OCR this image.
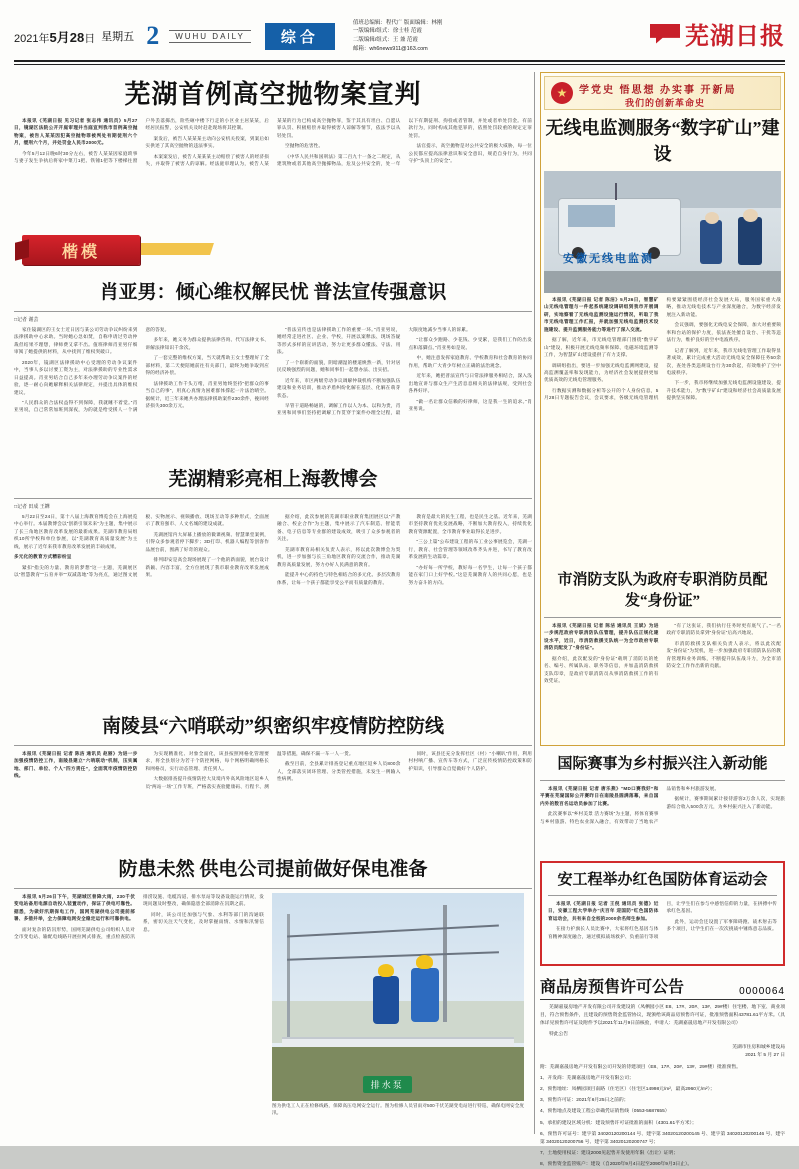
2021年5月28日 星期五 2	WUHU DAILY	综合
值班总编辑：程代广 版面编辑：林刚
一版编辑/组式：徐士桂 范霞
二版编辑/组式：王 兼 范霞
邮箱：wh6news911@163.com	芜湖日报
芜湖首例高空抛物案宣判

本报讯《芜湖日报 见习记者 张志伟 通讯员》5月27日，镜湖区法院公开开庭审理并当庭宣判我市首例高空抛物案，被告人某某因犯高空抛物罪被判处有期徒刑六个月，缓刑六个月，并处罚金人民币2000元。

今年5月12日晚6时30分左右，被告人某某因家庭琐事与妻子发生争执后将家中菜刀1把、铁锤1把等下楼梯往窗户外丢落掷出，险些砸中楼下行走的小区业主居某某，后经居民报警，公安机关及时赶赴现场将其控制。

案发后，被告人某某某主动向公安机关投案，到案后如实供述了其高空抛物的违法事实。

本案案发后，被告人某某某主动赔偿了被害人的经济损失，并取得了被害人的谅解。经法庭审理认为，被告人某某某的行为已构成高空抛物罪，鉴于其具有坦白、自愿认罪认罚、积极赔偿并取得被害人谅解等情节，依法予以从轻处罚。

空抛物的危害性。

《中华人民共和国刑法》第二百九十一条之二规定，从建筑物或者其他高空抛掷物品，危及公共安全的，处一年以下有期徒刑、拘役或者管制，并处或者单处罚金。有前款行为，同时构成其他犯罪的，依照处罚较重的规定定罪处罚。

法官提示，高空抛物是对公共安全的极大威胁，每一位公民都应提高法律意识和安全意识，规范自身行为，共同守护“头顶上的安全”。

楷模
肖亚男：倾心维权解民忧 普法宣传强意识
□记者 谢芸

家住镜湖区的王女士近日因与某公司劳动争议纠纷来到法律援助中心求助。当时她心急如焚，自称申请过劳动仲裁但结果不理想，律师费又拿不出。值班律师肖亚男仔细审阅了她提供的材料，从中找到了维权突破口。

2020年，镜湖区法律援助中心受理的劳动争议案件中，当事人多以讨要工资为主，对法律援助的专业性需求日益提高。肖亚男结合自己多年来办理劳动争议案件的经验，逐一耐心向她解释相关法律规定，并提出具体的维权建议。

“人民群众的合法权益得不到保障，我就睡不着觉。”肖亚男说，自己常常加班到深夜，为的就是给受援人一个满意的答复。

多年来，她义务为群众提供法律咨询、代写法律文书、讲解法律知识千余次。

了一套完整的维权方案，当天就帮助王女士整理好了全部材料，第二天便陪她前往有关部门，最终为她争取到应得的经济补偿。

法律援助工作千头万绪，肖亚男始终坚持“把群众的事当自己的事”，用真心真情为困难群体撑起一片法治晴空。据统计，近三年来她共办理法律援助案件230余件，挽回经济损失300余万元。

“普法宣传也是法律援助工作的重要一环。”肖亚男说，她经常走进社区、企业、学校，开展以案释法、现场答疑等形式多样的宣讲活动，努力让更多群众懂法、守法、用法。

了一个崭新的面貌，阴暗潮湿的楼道焕然一新，针对居民反映强烈的问题，她和同事们一起想办法、出实招。

近年来，市区两级劳动争议调解仲裁机构不断加强队伍建设和业务培训，推动矛盾纠纷化解在基层、化解在萌芽状态。

早管干道路畅通的，调解工作以人为本、以和为贵，肖亚男和同事们坚持把调解工作贯穿于案件办理全过程，最大限度地减少当事人的诉累。

“让群众少跑路、少花钱、少受累，是我们工作的出发点和落脚点。”肖亚男如是说。

中，她注意发挥家庭教育、学校教育和社会教育的协同作用，帮助广大青少年树立正确的法治观念。

近年来，她把普法宣传与日常法律服务相结合，深入浅出地宣讲与群众生产生活息息相关的法律法规，受到社会各界好评。

“做一名让群众信赖的好律师，这是我一生的追求。”肖亚男说。

芜湖精彩亮相上海教博会
□记者 田成 王韡

5月22日至24日，第十八届上海教育博览会在上海展览中心举行。本届教博会以“创新引领未来”为主题，集中展示了长三角地区教育改革发展的最新成果。芜湖市教育局组织10所学校和单位参展，以“芜湖教育高质量发展”为主线，展示了近年来我市教育改革发展的丰硕成果。

多元化的教育方式精彩纷呈

紧扣“指尖的力量、教育的梦想”这一主题，芜湖展区以“智慧教育”“五育并举”“双减落地”等为亮点，通过图文展板、实物展示、视频播放、现场互动等多种形式，全面展示了教育强市、人文名城的建设成就。

芜湖展馆内大屏幕上播放的微课视频、智慧课堂案例，引得众多参观者停下脚步；3D打印、机器人编程等创客作品展台前，围满了好奇的观众。

排列即安是高会现场展现了一个他的新面貌，展台设计新颖、内容丰富，全方位展现了我市职业教育改革发展成果。

据介绍，此次参展的芜湖市职业教育集团展区以“产教融合、校企合作”为主题，集中展示了汽车制造、智能装备、电子信息等专业群的建设成效，吸引了众多参观者的关注。

芜湖市教育局相关负责人表示，将以此次教博会为契机，进一步加强与长三角地区教育的交流合作，推动芜湖教育高质量发展，努力办好人民满意的教育。

能提升中心的持色与特色相结合的多元化、多层次教育体系，让每一个孩子都能享受公平而有质量的教育。

教育是最大的民生工程，也是民生之基。近年来，芜湖市坚持教育优先发展战略，不断加大教育投入，持续优化教育资源配置，全市教育事业取得长足进步。

“三公上篇”公布建设工程的布工业公事展览会，芜湖一行，教育、社会管理等领域改革齐头并进，书写了教育改革发展的生动篇章。

“办好每一所学校，教好每一名学生，让每一个孩子都能在家门口上好学校。”这是芜湖教育人的共同心愿，也是努力奋斗的方向。

南陵县“六哨联动”织密织牢疫情防控防线

本报讯《芜湖日报 记者 陈洁 通讯员 赵丽》为进一步加强疫情防控工作，南陵县建立“六哨联动”机制，压实属地、部门、单位、个人“四方责任”，全面筑牢疫情防控防线。

为实现精准化、对象全面化，该县按照网格化管理要求，将全县划分为若干个防控网格，每个网格明确网格长和网格员，实行动态管理、责任到人。

大数据排查提升疫情防控大及境内外高风险地区返乡人员“两站一场”工作专班，严格落实查验健康码、行程卡、测温等措施，确保不漏一车一人一货。

截至目前，全县累计排查登记重点地区返乡人员800余人，全部落实闭环管理、分类管控措施，未发生一例输入性病例。

同时，该县还充分发挥社区（村）“小喇叭”作用，利用村村响广播、宣传车等方式，广泛宣传疫情防控政策和防护知识，引导群众自觉做好个人防护。

防患未然 供电公司提前做好保电准备

本报讯 5月26日下午，芜湖城区普降大雨，230千伏变电站备用电源自动投入装置动作，保证了供电可靠性。据悉，为做好汛期保电工作，国网芜湖供电公司提前部署、多措并举，全力保障电网安全稳定运行和可靠供电。

面对复杂的防汛形势，国网芜湖供电公司组织人员对全市变电站、输配电线路开展拉网式排查，重点检查防汛排涝设施、电缆沟道、排水泵站等设备设施运行情况，发现问题及时整改，确保隐患全部消除在汛期之前。

同时，该公司还加强与气象、水利等部门的沟通联系，密切关注天气变化，及时掌握雨情、水情和汛情信息。

排水泵
图为供电工人正在检修线路，保障高压电网安全运行。图为检修人员冒雨对500千伏芜湖变电站进行特巡，确保电网安全度汛。
★	学党史 悟思想 办实事 开新局
我们的创新革命史
无线电监测服务“数字矿山”建设
安徽无线电监测

本报讯《芜湖日报 记者 陈洁》5月26日，智慧矿山无线电管理与一件起系统建设调研组到我市开展调研，实地察看了无线电监测设施运行情况，听取了我市无线电管理工作汇报，并就加强无线电监测技术设施建设、提升监测服务能力等进行了深入交流。

据了解，近年来，市无线电管理部门围绕“数字矿山”建设，积极开展无线电频率保障、电磁环境监测等工作，为智慧矿山建设提供了有力支撑。

调研组指出，要进一步加强无线电监测网建设，提高监测覆盖率和发现能力，为经济社会发展提供更加优质高效的无线电管理服务。

行数据实测和数据分析等公开的个人身份信息，5月28日专题报告会议，会议要求，各级无线电管理机构要紧紧围绕经济社会发展大局，服务国家重大战略，推动无线电技术与产业深度融合，为数字经济发展注入新动能。

会议强调，要强化无线电安全保障，加大对重要频率和台站的保护力度，依法查处擅自设台、干扰等违法行为，维护良好的空中电波秩序。

记者了解到，近年来，我市无线电管理工作取得显著成效，累计完成重大活动无线电安全保障任务50余次，查处各类违规设台行为30余起，有效维护了空中电波秩序。

下一步，我市将继续加强无线电监测设施建设，提升技术能力，为“数字矿山”建设和经济社会高质量发展提供坚实保障。

市消防支队为政府专职消防员配发“身份证”

本报讯《芜湖日报 记者 陈洁 通讯员 王斌》为进一步规范政府专职消防队伍管理，提升队伍正规化建设水平，近日，市消防救援支队统一为全市政府专职消防员配发了“身份证”。

据介绍，此次配发的“身份证”载明了消防员的姓名、编号、所属队站、职务等信息，并加盖消防救援支队印章，是政府专职消防员从事消防救援工作的有效凭证。

“有了这张证，我们执行任务时更有底气了。”一名政府专职消防员拿到“身份证”后高兴地说。

市消防救援支队相关负责人表示，将以此次配发“身份证”为契机，进一步加强政府专职消防队伍的教育管理和业务训练，不断提升队伍战斗力，为全市消防安全工作作出新的贡献。

国际赛事为乡村振兴注入新动能

本报讯《芜湖日报 记者 唐乐燕》“MD口赛我好”和平赛在芜湖国际公开赛昨日在南陵县圆满落幕，来自国内外的数百名运动员参加了比赛。

此次赛事以“乡村美景 活力赛场”为主题，将体育赛事与乡村旅游、特色农业深入融合，有效带动了当地农产品销售和乡村旅游发展。

据统计，赛事期间累计接待游客2万余人次，实现旅游综合收入500余万元，为乡村振兴注入了新动能。

安工程举办红色国防体育运动会

本报讯《芜湖日报 记者 王倪 通讯员 张德》近日，安徽工程大学举办“庆百年 迎国防”红色国防体育运动会，共有来自全校的2000余名师生参加。

在接力护旗长人员比赛中，大家将红色基因与体育精神深度融合，通过模拟战场救护、负重前行等项目，让学生们在参与中感悟信仰的力量，在拼搏中传承红色基因。

此外，运动会还设置了军事障碍跑、战术射击等多个项目，让学生们在一次次挑战中锤炼意志品质。

商品房预售许可公告	0000064

芜湖嘉晟房地产开发有限公司开发建设的（凤栖园小区 E8、17#、20#、13#、29#楼）住宅楼、地下室、商业项目，符合预售条件，且建设的预售资金监管协议，现颁给该商品房预售许可证，批准预售面积43781.61平方米。（具体详见预售许可证及附件予以2021年11月9日前核验，申请人：芜湖嘉晟房地产开发有限公司）

特此公告

芜湖市住房和城乡建设局
2021 年 5 月 27 日

附：芜湖嘉晟房地产开发有限公司开发的待建项目（E8、17#、20#、13#、29#楼）批准预售。

1、开发商：芜湖嘉晟房地产开发有限公司；

2、预售地址：凤栖园项目南路（住宅区）（住宅区14998元/m²，最高2960元/m²）；

3、预售许可证：2021年6月25日之前的；

4、预售地点及建设工程公章确凭证销售线（0553-5687655）

5、承担的建设区域分机：建设预售许可证批准的面积（4301.61平方米）；

6、预售许可证号：建字第 34020120200144 号、建字第 34020120200145 号、建字第 34020120200146 号、建字第 34020120200756 号、建字第 34020120200747 号；

7、土地使用权证：建设2000见起售开发使用年限（出让）证明；

8、预售资金监管账户：建设（自2020年9月4日起至2090年9月3日止）。
